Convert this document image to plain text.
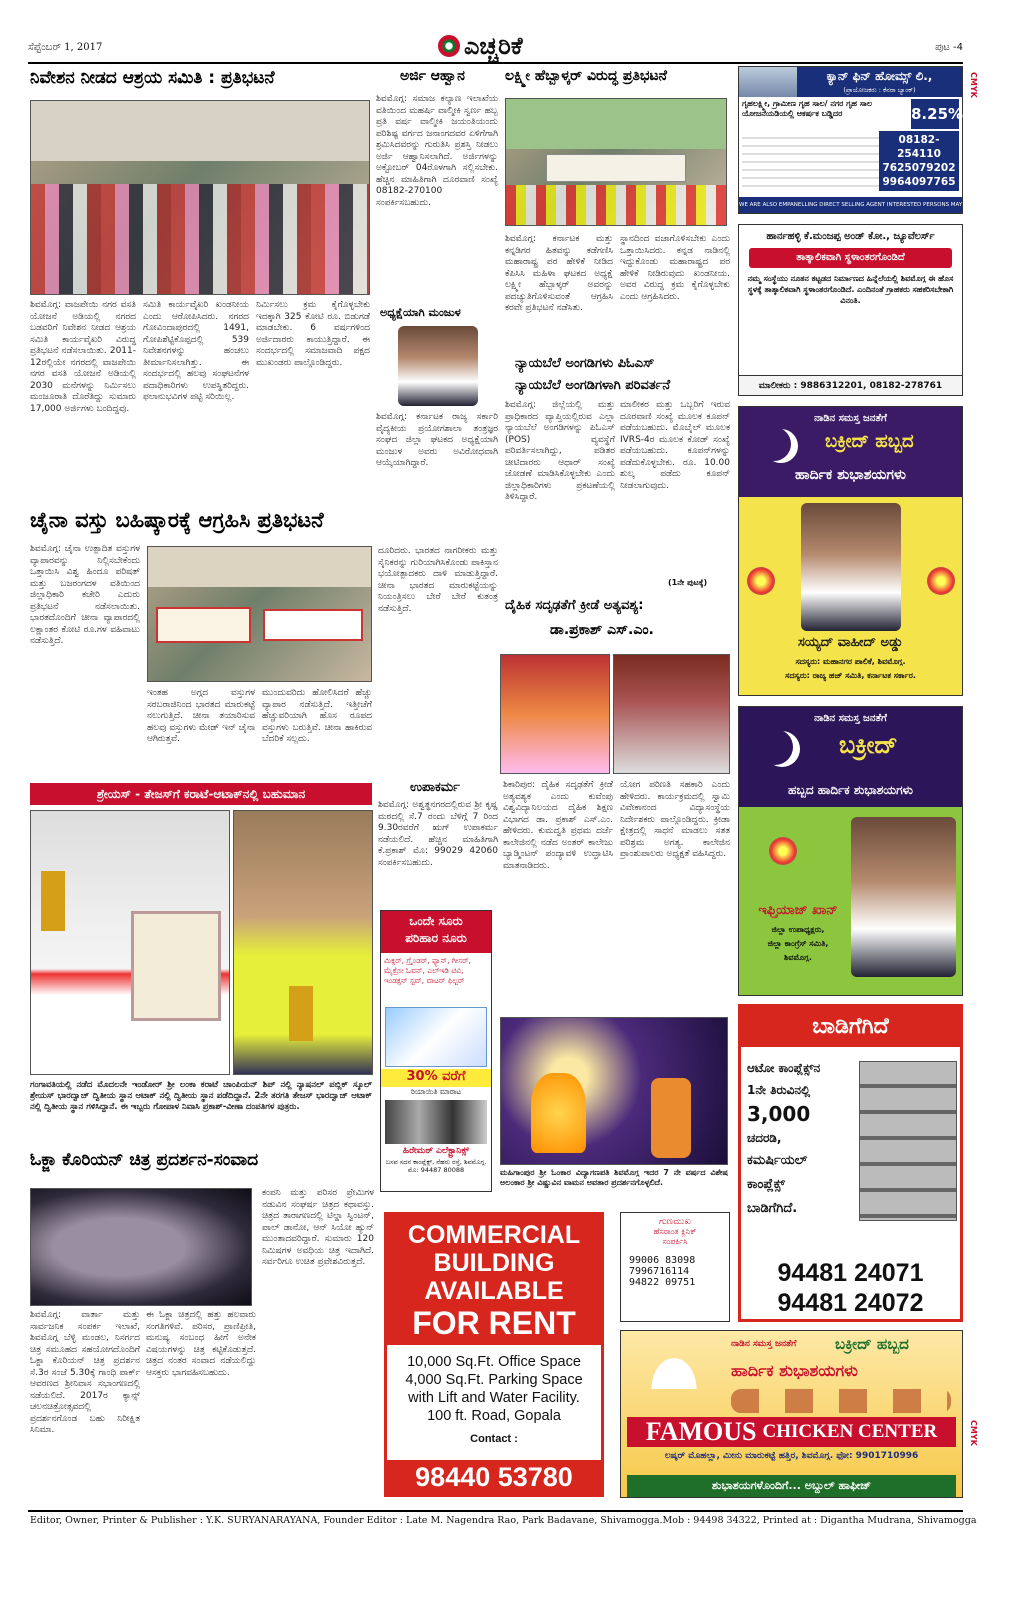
ಸೆಪ್ಟೆಂಬರ್ 1, 2017	ಎಚ್ಚರಿಕೆ	ಪುಟ -4
CMYK
CMYK
ನಿವೇಶನ ನೀಡದ ಆಶ್ರಯ ಸಮಿತಿ : ಪ್ರತಿಭಟನೆ
ಶಿವಮೊಗ್ಗ: ವಾಜಪೇಯಿ ನಗರ ವಸತಿ ಯೋಜನೆ ಅಡಿಯಲ್ಲಿ ನಗರದ ಬಡವರಿಗೆ ನಿವೇಶನ ನೀಡದ ಆಶ್ರಯ ಸಮಿತಿ ಕಾರ್ಯವೈಖರಿ ವಿರುದ್ಧ ಪ್ರತಿಭಟನೆ ನಡೆಸಲಾಯಿತು. 2011-12ರಲ್ಲಿಯೇ ನಗರದಲ್ಲಿ ವಾಜಪೇಯಿ ನಗರ ವಸತಿ ಯೋಜನೆ ಅಡಿಯಲ್ಲಿ 2030 ಮನೆಗಳನ್ನು ನಿರ್ಮಿಸಲು ಮಂಜೂರಾತಿ ದೊರೆತಿದ್ದು ಸುಮಾರು 17,000 ಅರ್ಜಿಗಳು ಬಂದಿದ್ದವು.
ಸಮಿತಿ ಕಾರ್ಯವೈಖರಿ ಖಂಡನೀಯ ಎಂದು ಆರೋಪಿಸಿದರು. ನಗರದ ಗೋವಿಂದಾಪುರದಲ್ಲಿ 1491, ಗೋಪಿಶೆಟ್ಟಿಕೊಪ್ಪದಲ್ಲಿ 539 ನಿವೇಶನಗಳನ್ನು ಹಂಚಲು ತೀರ್ಮಾನಿಸಲಾಗಿತ್ತು. ಈ ಸಂದರ್ಭದಲ್ಲಿ ಹಲವು ಸಂಘಟನೆಗಳ ಪದಾಧಿಕಾರಿಗಳು ಉಪಸ್ಥಿತರಿದ್ದರು. ಫಲಾನುಭವಿಗಳ ಪಟ್ಟಿ ಸರಿಯಿಲ್ಲ.
ನಿರ್ಮಿಸಲು ಕ್ರಮ ಕೈಗೊಳ್ಳಬೇಕು ಇದಕ್ಕಾಗಿ 325 ಕೋಟಿ ರೂ. ಬಿಡುಗಡೆ ಮಾಡಬೇಕು. 6 ವರ್ಷಗಳಿಂದ ಅರ್ಜಿದಾರರು ಕಾಯುತ್ತಿದ್ದಾರೆ. ಈ ಸಂದರ್ಭದಲ್ಲಿ ಸಮಾಜವಾದಿ ಪಕ್ಷದ ಮುಖಂಡರು ಪಾಲ್ಗೊಂಡಿದ್ದರು.
ಅರ್ಜಿ ಆಹ್ವಾನ
ಶಿವಮೊಗ್ಗ: ಸಮಾಜ ಕಲ್ಯಾಣ ಇಲಾಖೆಯ ವತಿಯಿಂದ ಮಹರ್ಷಿ ವಾಲ್ಮೀಕಿ ಸ್ವರ್ಣ ಹಬ್ಬ ಪ್ರತಿ ವರ್ಷ ವಾಲ್ಮೀಕಿ ಜಯಂತಿಯಂದು ಪರಿಶಿಷ್ಟ ವರ್ಗದ ಜನಾಂಗದವರ ಏಳಿಗೆಗಾಗಿ ಶ್ರಮಿಸಿದವರನ್ನು ಗುರುತಿಸಿ ಪ್ರಶಸ್ತಿ ನೀಡಲು ಅರ್ಜಿ ಆಹ್ವಾನಿಸಲಾಗಿದೆ. ಅರ್ಜಿಗಳನ್ನು ಅಕ್ಟೋಬರ್ 04ರೊಳಗಾಗಿ ಸಲ್ಲಿಸಬೇಕು. ಹೆಚ್ಚಿನ ಮಾಹಿತಿಗಾಗಿ ದೂರವಾಣಿ ಸಂಖ್ಯೆ 08182-270100 ಸಂಪರ್ಕಿಸಬಹುದು.
ಅಧ್ಯಕ್ಷೆಯಾಗಿ ಮಂಜುಳ
ಶಿವಮೊಗ್ಗ: ಕರ್ನಾಟಕ ರಾಜ್ಯ ಸರ್ಕಾರಿ ವೈದ್ಯಕೀಯ ಪ್ರಯೋಗಶಾಲಾ ತಂತ್ರಜ್ಞರ ಸಂಘದ ಜಿಲ್ಲಾ ಘಟಕದ ಅಧ್ಯಕ್ಷೆಯಾಗಿ ಮಂಜುಳ ಅವರು ಅವಿರೋಧವಾಗಿ ಆಯ್ಕೆಯಾಗಿದ್ದಾರೆ.
ಲಕ್ಷ್ಮೀ ಹೆಬ್ಬಾಳ್ಕರ್ ವಿರುದ್ಧ ಪ್ರತಿಭಟನೆ
ಶಿವಮೊಗ್ಗ: ಕರ್ನಾಟಕ ಮತ್ತು ಕನ್ನಡಿಗರ ಹಿತವನ್ನು ಕಡೆಗಣಿಸಿ ಮಹಾರಾಷ್ಟ್ರ ಪರ ಹೇಳಿಕೆ ನೀಡಿದ ಕೆಪಿಸಿಸಿ ಮಹಿಳಾ ಘಟಕದ ಅಧ್ಯಕ್ಷೆ ಲಕ್ಷ್ಮೀ ಹೆಬ್ಬಾಳ್ಕರ್ ಅವರನ್ನು ಪದಚ್ಯುತಿಗೊಳಿಸುವಂತೆ ಆಗ್ರಹಿಸಿ ಕರವೇ ಪ್ರತಿಭಟನೆ ನಡೆಸಿತು.
ಸ್ಥಾನದಿಂದ ವಜಾಗೊಳಿಸಬೇಕು ಎಂದು ಒತ್ತಾಯಿಸಿದರು. ಕನ್ನಡ ನಾಡಿನಲ್ಲಿ ಇದ್ದುಕೊಂಡು ಮಹಾರಾಷ್ಟ್ರದ ಪರ ಹೇಳಿಕೆ ನೀಡಿರುವುದು ಖಂಡನೀಯ. ಅವರ ವಿರುದ್ಧ ಕ್ರಮ ಕೈಗೊಳ್ಳಬೇಕು ಎಂದು ಆಗ್ರಹಿಸಿದರು.
ನ್ಯಾಯಬೆಲೆ ಅಂಗಡಿಗಳು ಪಿಓಎಸ್
ನ್ಯಾಯಬೆಲೆ ಅಂಗಡಿಗಳಾಗಿ ಪರಿವರ್ತನೆ
ಶಿವಮೊಗ್ಗ: ಜಿಲ್ಲೆಯಲ್ಲಿ ಮತ್ತು ಪ್ರಾಧಿಕಾರದ ವ್ಯಾಪ್ತಿಯಲ್ಲಿರುವ ಎಲ್ಲಾ ನ್ಯಾಯಬೆಲೆ ಅಂಗಡಿಗಳನ್ನು ಪಿಓಎಸ್ (POS) ವ್ಯವಸ್ಥೆಗೆ ಪರಿವರ್ತಿಸಲಾಗಿದ್ದು, ಪಡಿತರ ಚೀಟಿದಾರರು ಆಧಾರ್ ಸಂಖ್ಯೆ ಜೋಡಣೆ ಮಾಡಿಸಿಕೊಳ್ಳಬೇಕು ಎಂದು ಜಿಲ್ಲಾಧಿಕಾರಿಗಳು ಪ್ರಕಟಣೆಯಲ್ಲಿ ತಿಳಿಸಿದ್ದಾರೆ.
ಮಾಲೀಕರ ಮತ್ತು ಒಬ್ಬರಿಗೆ ಇರುವ ದೂರವಾಣಿ ಸಂಖ್ಯೆ ಮೂಲಕ ಕೂಪನ್ ಪಡೆಯಬಹುದು. ಮೊಬೈಲ್ ಮೂಲಕ IVRS-4ರ ಮೂಲಕ ಕೋಡ್ ಸಂಖ್ಯೆ ಪಡೆಯಬಹುದು. ಕೂಪನ್‌ಗಳನ್ನು ಪಡೆದುಕೊಳ್ಳಬೇಕು. ರೂ. 10.00 ಶುಲ್ಕ ಪಡೆದು ಕೂಪನ್ ನೀಡಲಾಗುವುದು.
(1ನೇ ಪುಟಕ್ಕೆ)
ಚೈನಾ ವಸ್ತು ಬಹಿಷ್ಕಾರಕ್ಕೆ ಆಗ್ರಹಿಸಿ ಪ್ರತಿಭಟನೆ
ಶಿವಮೊಗ್ಗ: ಚೈನಾ ಉತ್ಪಾದಿತ ವಸ್ತುಗಳ ವ್ಯಾಪಾರವನ್ನು ನಿಲ್ಲಿಸಬೇಕೆಂದು ಒತ್ತಾಯಿಸಿ ವಿಶ್ವ ಹಿಂದೂ ಪರಿಷತ್ ಮತ್ತು ಬಜರಂಗದಳ ವತಿಯಿಂದ ಜಿಲ್ಲಾಧಿಕಾರಿ ಕಚೇರಿ ಎದುರು ಪ್ರತಿಭಟನೆ ನಡೆಸಲಾಯಿತು. ಭಾರತದೊಂದಿಗೆ ಚೀನಾ ವ್ಯಾಪಾರದಲ್ಲಿ ಲಕ್ಷಾಂತರ ಕೋಟಿ ರೂ.ಗಳ ವಹಿವಾಟು ನಡೆಸುತ್ತಿದೆ.
ಇಂತಹ ಅಗ್ಗದ ವಸ್ತುಗಳ ಸರಬರಾಜಿನಿಂದ ಭಾರತದ ಮಾರುಕಟ್ಟೆ ನಲುಗುತ್ತಿದೆ. ಚೀನಾ ತಯಾರಿಸುವ ಹಲವು ವಸ್ತುಗಳು ಮೇಡ್ ಇನ್ ಚೈನಾ ಆಗಿರುತ್ತವೆ.
ಮುಂದುವರಿದು ಹೋಲಿಸಿದರೆ ಹೆಚ್ಚು ವ್ಯಾಪಾರ ನಡೆಸುತ್ತಿದೆ. ಇತ್ತೀಚೆಗೆ ಹೆಚ್ಚುವರಿಯಾಗಿ ಹೊಸ ರೂಪದ ವಸ್ತುಗಳು ಬರುತ್ತಿವೆ. ಚೀನಾ ಹಾಕಿರುವ ಬೆದರಿಕೆ ಸಲ್ಲದು.
ದೂರಿದರು. ಭಾರತದ ನಾಗರೀಕರು ಮತ್ತು ಸೈನಿಕರನ್ನು ಗುರಿಯಾಗಿಸಿಕೊಂಡು ಪಾಕಿಸ್ತಾನ ಭಯೋತ್ಪಾದಕರು ದಾಳಿ ಮಾಡುತ್ತಿದ್ದಾರೆ. ಚೀನಾ ಭಾರತದ ಮಾರುಕಟ್ಟೆಯನ್ನು ನಿಯಂತ್ರಿಸಲು ಬೇರೆ ಬೇರೆ ಕುತಂತ್ರ ನಡೆಸುತ್ತಿದೆ.	ದೈಹಿಕ ಸದೃಢತೆಗೆ ಕ್ರೀಡೆ ಅತ್ಯವಶ್ಯ:
ಡಾ.ಪ್ರಕಾಶ್ ಎಸ್.ಎಂ.
ಶಿಕಾರಿಪುರ: ದೈಹಿಕ ಸದೃಢತೆಗೆ ಕ್ರೀಡೆ ಅತ್ಯವಶ್ಯಕ ಎಂದು ಕುವೆಂಪು ವಿಶ್ವವಿದ್ಯಾನಿಲಯದ ದೈಹಿಕ ಶಿಕ್ಷಣ ವಿಭಾಗದ ಡಾ. ಪ್ರಕಾಶ್ ಎಸ್.ಎಂ. ಹೇಳಿದರು. ಕುಮದ್ವತಿ ಪ್ರಥಮ ದರ್ಜೆ ಕಾಲೇಜಿನಲ್ಲಿ ನಡೆದ ಅಂತರ್ ಕಾಲೇಜು ಬ್ಯಾಡ್ಮಿಂಟನ್ ಪಂದ್ಯಾವಳಿ ಉದ್ಘಾಟಿಸಿ ಮಾತನಾಡಿದರು.
ಯೋಗ ಪರಿಣತಿ ಸಹಕಾರಿ ಎಂದು ಹೇಳಿದರು. ಕಾರ್ಯಕ್ರಮದಲ್ಲಿ ಸ್ವಾಮಿ ವಿವೇಕಾನಂದ ವಿದ್ಯಾಸಂಸ್ಥೆಯ ನಿರ್ದೇಶಕರು ಪಾಲ್ಗೊಂಡಿದ್ದರು. ಕ್ರೀಡಾ ಕ್ಷೇತ್ರದಲ್ಲಿ ಸಾಧನೆ ಮಾಡಲು ಸತತ ಪರಿಶ್ರಮ ಅಗತ್ಯ. ಕಾಲೇಜಿನ ಪ್ರಾಂಶುಪಾಲರು ಅಧ್ಯಕ್ಷತೆ ವಹಿಸಿದ್ದರು.
ಶ್ರೇಯಸ್ - ತೇಜಸ್‌ಗೆ ಕರಾಟೆ-ಆಟಾಕ್‌ನಲ್ಲಿ ಬಹುಮಾನ
ಗಂಗಾವತಿಯಲ್ಲಿ ನಡೆದ ಮೊದಲನೇ ಇಂಡೋರ್ ಶ್ರೀ ಲಂಕಾ ಕರಾಟೆ ಚಾಂಪಿಯನ್ ಶಿಪ್ ನಲ್ಲಿ ನ್ಯಾಷನಲ್ ಪಬ್ಲಿಕ್ ಸ್ಕೂಲ್ ಶ್ರೇಯಸ್ ಭಾರದ್ವಾಜ್ ದ್ವಿತೀಯ ಸ್ಥಾನ ಆಟಾಕ್ ನಲ್ಲಿ ದ್ವಿತೀಯ ಸ್ಥಾನ ಪಡೆದಿದ್ದಾನೆ. 2ನೇ ತರಗತಿ ತೇಜಸ್ ಭಾರದ್ವಾಜ್ ಆಟಾಕ್ ನಲ್ಲಿ ದ್ವಿತೀಯ ಸ್ಥಾನ ಗಳಿಸಿದ್ದಾನೆ. ಈ ಇಬ್ಬರು ಗೋಪಾಳ ನಿವಾಸಿ ಪ್ರಕಾಶ್-ವೀಣಾ ದಂಪತಿಗಳ ಪುತ್ರರು.
ಉಪಾಕರ್ಮ
ಶಿವಮೊಗ್ಗ: ಅಶ್ವತ್ಥನಗರದಲ್ಲಿರುವ ಶ್ರೀ ಕೃಷ್ಣ ಮಠದಲ್ಲಿ ಸೆ.7 ರಂದು ಬೆಳಿಗ್ಗೆ 7 ರಿಂದ 9.30ರವರೆಗೆ ಋಗ್ ಉಪಾಕರ್ಮ ನಡೆಯಲಿದೆ. ಹೆಚ್ಚಿನ ಮಾಹಿತಿಗಾಗಿ ಕೆ.ಪ್ರಕಾಶ್ ಮೊ: 99029 42060 ಸಂಪರ್ಕಿಸಬಹುದು.
ಒಂದೇ ಸೂರು
ಪರಿಹಾರ ನೂರು
ಮಿಕ್ಸರ್, ಗ್ರೈಂಡರ್, ಫ್ಯಾನ್, ಗೀಸರ್, ಮೈಕ್ರೋ ಓವನ್, ಎಲ್‌ಇಡಿ ಟಿವಿ, ಇಂಡಕ್ಷನ್ ಸ್ಟವ್, ವಾಟರ್ ಫಿಲ್ಟರ್
30% ವರೆಗೆ
ರಿಯಾಯಿತಿ ಮಾರಾಟ
ಹಿರೇಮಠ್ ಎಲೆಕ್ಟ್ರಾನಿಕ್ಸ್
ಬಸವ ಸದನ ಕಾಂಪ್ಲೆಕ್ಸ್, ನೆಹರು ರಸ್ತೆ, ಶಿವಮೊಗ್ಗ. ಮೊ: 94487 80088	ಮಹಿಗಾಂಪುರ ಶ್ರೀ ಓಂಕಾರ ವಿದ್ಯಾಗಣಪತಿ ಶಿವಮೊಗ್ಗ ಇದರ 7 ನೇ ವರ್ಷದ ವಿಶೇಷ ಅಲಂಕಾರ ಶ್ರೀ ವಿಷ್ಣುವಿನ ವಾಮನ ಅವತಾರ ಪ್ರದರ್ಶನಗೊಳ್ಳಲಿದೆ.
ಓಕ್ಜಾ ಕೊರಿಯನ್ ಚಿತ್ರ ಪ್ರದರ್ಶನ-ಸಂವಾದ
ಕಂಪನಿ ಮತ್ತು ಪರಿಸರ ಪ್ರೇಮಿಗಳ ನಡುವಿನ ಸಂಘರ್ಷ ಚಿತ್ರದ ಕಥಾವಸ್ತು. ಚಿತ್ರದ ತಾರಾಗಣದಲ್ಲಿ ಟಿಲ್ಡಾ ಸ್ವಿಂಟನ್, ಪಾಲ್ ಡಾನೋ, ಆನ್ ಸಿಯೋ ಹ್ಯುನ್ ಮುಂತಾದವರಿದ್ದಾರೆ. ಸುಮಾರು 120 ನಿಮಿಷಗಳ ಅವಧಿಯ ಚಿತ್ರ ಇದಾಗಿದೆ. ಸರ್ವರಿಗೂ ಉಚಿತ ಪ್ರವೇಶವಿರುತ್ತದೆ.
ಶಿವಮೊಗ್ಗ: ವಾರ್ತಾ ಮತ್ತು ಸಾರ್ವಜನಿಕ ಸಂಪರ್ಕ ಇಲಾಖೆ, ಶಿವಮೊಗ್ಗ ಬೆಳ್ಳಿ ಮಂಡಲ, ನಿಸರ್ಗದ ಚಿತ್ರ ಸಮೂಹದ ಸಹಯೋಗದೊಂದಿಗೆ ಓಕ್ಜಾ ಕೊರಿಯನ್ ಚಿತ್ರ ಪ್ರದರ್ಶನ ಸೆ.3ರ ಸಂಜೆ 5.30ಕ್ಕೆ ಗಾಂಧಿ ಪಾರ್ಕ್ ಆವರಣದ ಶ್ರೀನಿವಾಸ ಸಭಾಂಗಣದಲ್ಲಿ ನಡೆಯಲಿದೆ. 2017ರ ಕ್ಯಾನ್ಸ್ ಚಲನಚಿತ್ರೋತ್ಸವದಲ್ಲಿ ಪ್ರದರ್ಶನಗೊಂಡ ಬಹು ನಿರೀಕ್ಷಿತ ಸಿನಿಮಾ.
ಈ ಓಕ್ಜಾ ಚಿತ್ರದಲ್ಲಿ ಹತ್ತು ಹಲವಾರು ಸಂಗತಿಗಳಿವೆ. ಪರಿಸರ, ಪ್ರಾಣಿಪ್ರೀತಿ, ಮನುಷ್ಯ ಸಂಬಂಧ ಹೀಗೆ ಅನೇಕ ವಿಷಯಗಳನ್ನು ಚಿತ್ರ ಕಟ್ಟಿಕೊಡುತ್ತದೆ. ಚಿತ್ರದ ನಂತರ ಸಂವಾದ ನಡೆಯಲಿದ್ದು ಆಸಕ್ತರು ಭಾಗವಹಿಸಬಹುದು.
COMMERCIAL
BUILDING
AVAILABLE
FOR RENT
10,000 Sq.Ft. Office Space
4,000 Sq.Ft. Parking Space
with Lift and Water Facility.
100 ft. Road, Gopala
Contact :
98440 53780
ಗುಣಮುಖ
ಹೆಸರಾಂತ ಕ್ಲಿನಿಕ್
ಸಂಪರ್ಕಿಸಿ
99006 83098
7996716114
94822 09751
ಕ್ಯಾನ್ ಫಿನ್ ಹೋಮ್ಸ್ ಲಿ.,
(ಪ್ರಾಯೋಜಕರು : ಕೆನರಾ ಬ್ಯಾಂಕ್)
ಗೃಹಲಕ್ಷ್ಮೀ, ಗ್ರಾಮೀಣ ಗೃಹ ಸಾಲ/ ನಗರ ಗೃಹ ಸಾಲ ಯೋಜನೆಯಡಿಯಲ್ಲಿ ಆಕರ್ಷಕ ಬಡ್ಡಿದರ	8.25%
08182-254110
7625079202
9964097765
WE ARE ALSO EMPANELLING DIRECT SELLING AGENT INTERESTED PERSONS MAY CONTACT BRANCH
ಹಾರ್ನಹಳ್ಳಿ ಕೆ.ಮಂಜಪ್ಪ ಅಂಡ್ ಕೋ., ಜ್ಯೂವೆಲರ್ಸ್
ತಾತ್ಕಾಲಿಕವಾಗಿ ಸ್ಥಳಾಂತರಗೊಂಡಿದೆ
ನಮ್ಮ ಸಂಸ್ಥೆಯು ನೂತನ ಕಟ್ಟಡದ ನಿರ್ಮಾಣದ ಹಿನ್ನೆಲೆಯಲ್ಲಿ ಶಿವಮೊಗ್ಗ ಈ ಹೊಸ ಸ್ಥಳಕ್ಕೆ ತಾತ್ಕಾಲಿಕವಾಗಿ ಸ್ಥಳಾಂತರಗೊಂಡಿದೆ. ಎಂದಿನಂತೆ ಗ್ರಾಹಕರು ಸಹಕರಿಸಬೇಕಾಗಿ ವಿನಂತಿ.
ಮಾಲೀಕರು : 9886312201, 08182-278761
ನಾಡಿನ ಸಮಸ್ತ ಜನತೆಗೆ
ಬಕ್ರೀದ್ ಹಬ್ಬದ
ಹಾರ್ದಿಕ ಶುಭಾಶಯಗಳು
ಸಯ್ಯದ್ ವಾಹೀದ್ ಅಡ್ಡು
ಸದಸ್ಯರು: ಮಹಾನಗರ ಪಾಲಿಕೆ, ಶಿವಮೊಗ್ಗ.
ಸದಸ್ಯರು: ರಾಜ್ಯ ಹಜ್ ಸಮಿತಿ, ಕರ್ನಾಟಕ ಸರ್ಕಾರ.
ನಾಡಿನ ಸಮಸ್ತ ಜನತೆಗೆ
ಬಕ್ರೀದ್
ಹಬ್ಬದ ಹಾರ್ದಿಕ ಶುಭಾಶಯಗಳು
ಇಫ್ತಿಯಾಜ್ ಖಾನ್
ಜಿಲ್ಲಾ ಉಪಾಧ್ಯಕ್ಷರು,
ಜಿಲ್ಲಾ ಕಾಂಗ್ರೆಸ್ ಸಮಿತಿ,
ಶಿವಮೊಗ್ಗ.
ಬಾಡಿಗೆಗಿದೆ
ಆಟೋ ಕಾಂಪ್ಲೆಕ್ಸ್‌ನ
1ನೇ ತಿರುವಿನಲ್ಲಿ
3,000
ಚದರಡಿ,
ಕಮರ್ಷಿಯಲ್
ಕಾಂಪ್ಲೆಕ್ಸ್
ಬಾಡಿಗೆಗಿದೆ.
94481 24071
94481 24072
ನಾಡಿನ ಸಮಸ್ತ ಜನತೆಗೆ	ಬಕ್ರೀದ್ ಹಬ್ಬದ
ಹಾರ್ದಿಕ ಶುಭಾಶಯಗಳು
FAMOUS CHICKEN CENTER
ಲಷ್ಕರ್ ಮೊಹಲ್ಲಾ, ಮೀನು ಮಾರುಕಟ್ಟೆ ಹತ್ತಿರ, ಶಿವಮೊಗ್ಗ. ಫೋ: 9901710996
ಶುಭಾಶಯಗಳೊಂದಿಗೆ... ಅಬ್ದುಲ್ ಹಾಫೀಜ್
Editor, Owner, Printer & Publisher : Y.K. SURYANARAYANA, Founder Editor : Late M. Nagendra Rao, Park Badavane, Shivamogga.Mob : 94498 34322, Printed at : Digantha Mudrana, Shivamogga
